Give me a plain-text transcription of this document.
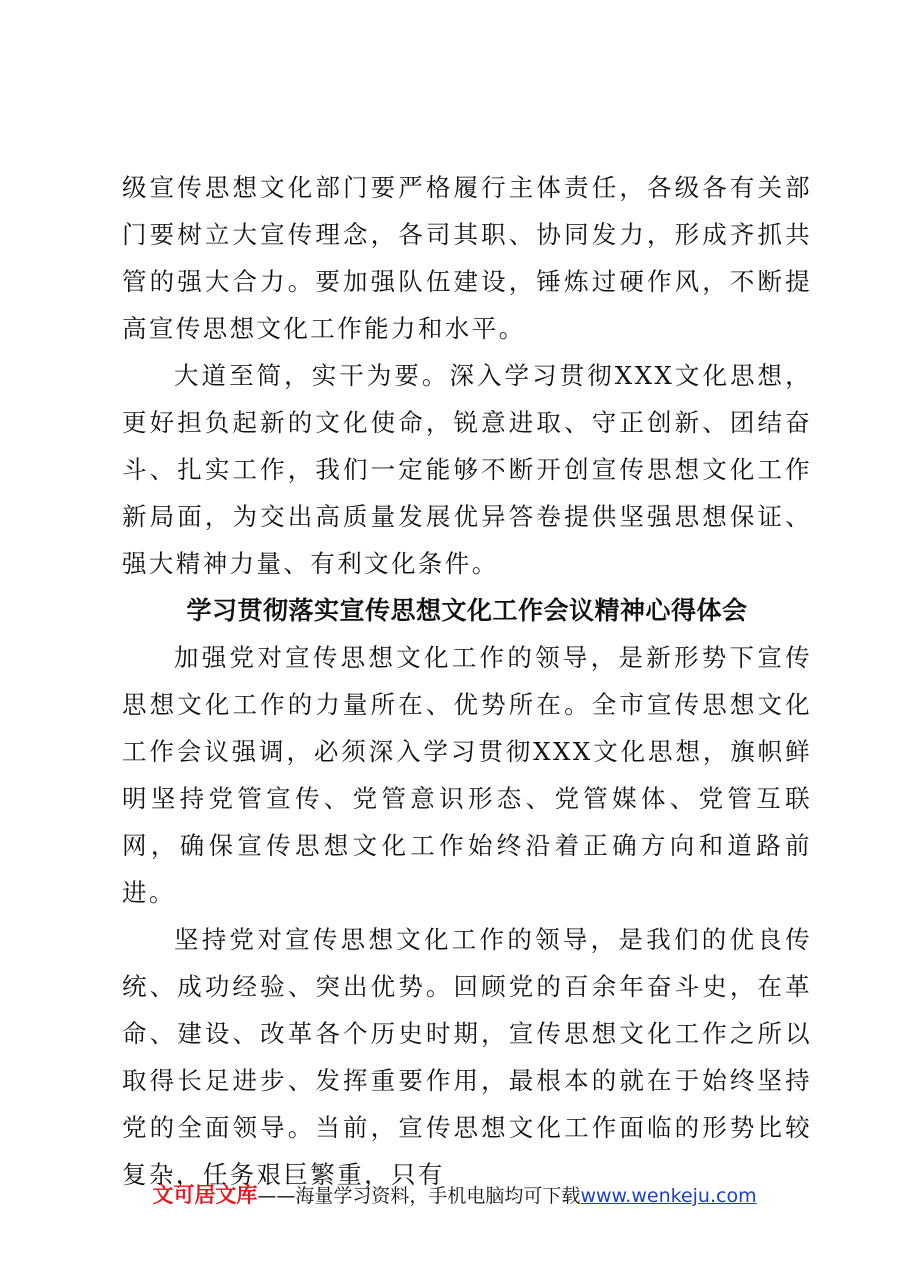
级宣传思想文化部门要严格履行主体责任，各级各有关部门要树立大宣传理念，各司其职、协同发力，形成齐抓共管的强大合力。要加强队伍建设，锤炼过硬作风，不断提高宣传思想文化工作能力和水平。

大道至简，实干为要。深入学习贯彻XXX文化思想，更好担负起新的文化使命，锐意进取、守正创新、团结奋斗、扎实工作，我们一定能够不断开创宣传思想文化工作新局面，为交出高质量发展优异答卷提供坚强思想保证、强大精神力量、有利文化条件。

学习贯彻落实宣传思想文化工作会议精神心得体会

加强党对宣传思想文化工作的领导，是新形势下宣传思想文化工作的力量所在、优势所在。全市宣传思想文化工作会议强调，必须深入学习贯彻XXX文化思想，旗帜鲜明坚持党管宣传、党管意识形态、党管媒体、党管互联网，确保宣传思想文化工作始终沿着正确方向和道路前进。

坚持党对宣传思想文化工作的领导，是我们的优良传统、成功经验、突出优势。回顾党的百余年奋斗史，在革命、建设、改革各个历史时期，宣传思想文化工作之所以取得长足进步、发挥重要作用，最根本的就在于始终坚持党的全面领导。当前，宣传思想文化工作面临的形势比较复杂，任务艰巨繁重，只有

文可居文库——海量学习资料，手机电脑均可下载www.wenkeju.com
